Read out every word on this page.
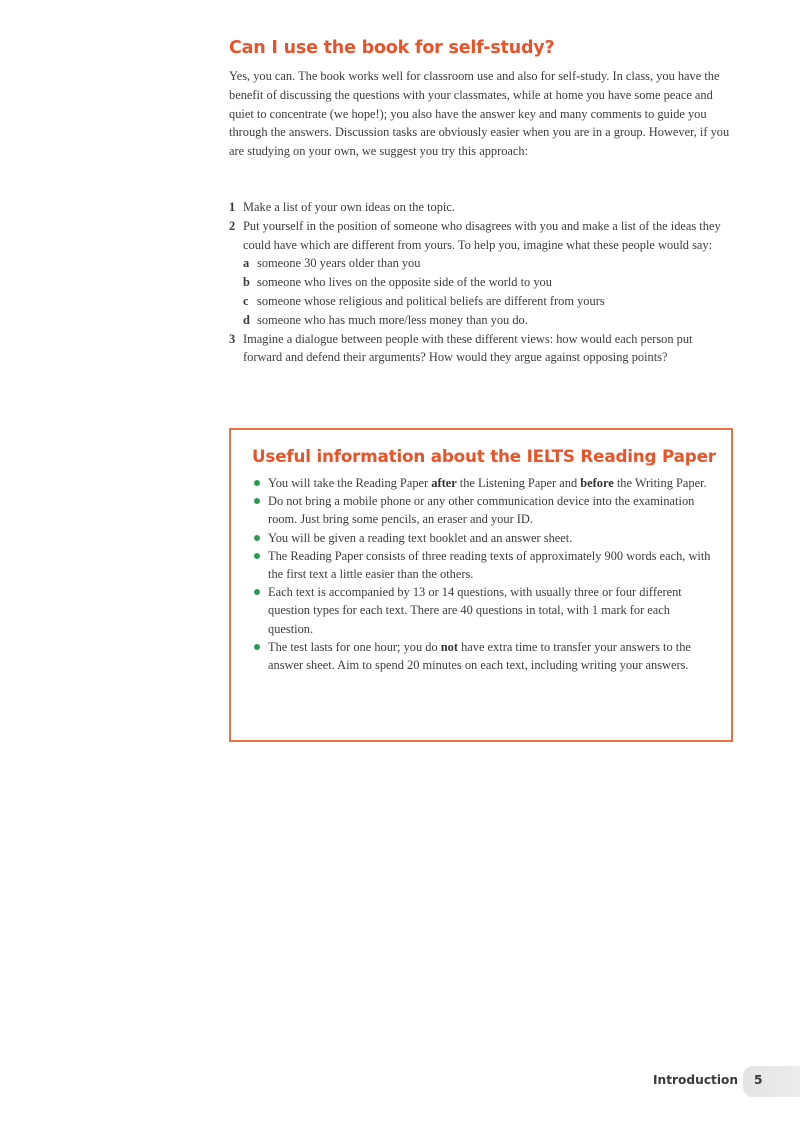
Can I use the book for self-study?

Yes, you can. The book works well for classroom use and also for self-study. In class, you have the benefit of discussing the questions with your classmates, while at home you have some peace and quiet to concentrate (we hope!); you also have the answer key and many comments to guide you through the answers. Discussion tasks are obviously easier when you are in a group. However, if you are studying on your own, we suggest you try this approach:

1 Make a list of your own ideas on the topic.
2 Put yourself in the position of someone who disagrees with you and make a list of the ideas they could have which are different from yours. To help you, imagine what these people would say:
a someone 30 years older than you
b someone who lives on the opposite side of the world to you
c someone whose religious and political beliefs are different from yours
d someone who has much more/less money than you do.
3 Imagine a dialogue between people with these different views: how would each person put forward and defend their arguments? How would they argue against opposing points?
Useful information about the IELTS Reading Paper
You will take the Reading Paper after the Listening Paper and before the Writing Paper.
Do not bring a mobile phone or any other communication device into the examination room. Just bring some pencils, an eraser and your ID.
You will be given a reading text booklet and an answer sheet.
The Reading Paper consists of three reading texts of approximately 900 words each, with the first text a little easier than the others.
Each text is accompanied by 13 or 14 questions, with usually three or four different question types for each text. There are 40 questions in total, with 1 mark for each question.
The test lasts for one hour; you do not have extra time to transfer your answers to the answer sheet. Aim to spend 20 minutes on each text, including writing your answers.
Introduction 5
